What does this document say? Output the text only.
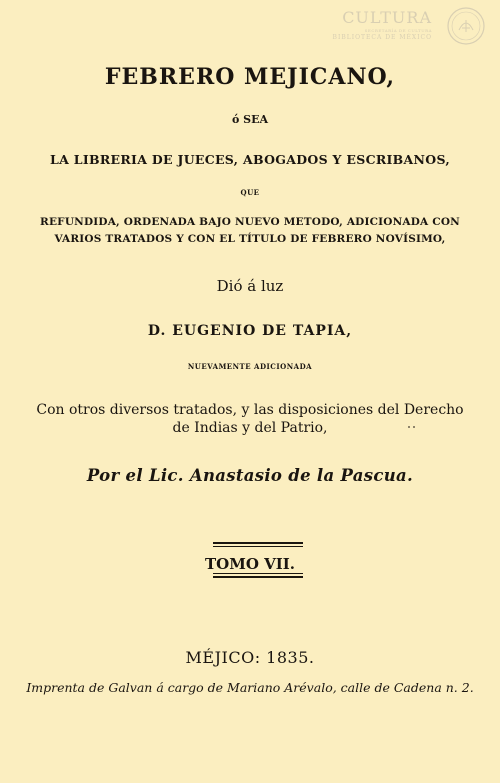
CULTURA
SECRETARÍA DE CULTURA
BIBLIOTECA DE MÉXICO
FEBRERO MEJICANO,
ó SEA
LA LIBRERIA DE JUECES, ABOGADOS Y ESCRIBANOS,
QUE
REFUNDIDA, ORDENADA BAJO NUEVO METODO, ADICIONADA CON
VARIOS TRATADOS Y CON EL TÍTULO DE FEBRERO NOVÍSIMO,
Dió á luz
D. EUGENIO DE TAPIA,
NUEVAMENTE ADICIONADA
Con otros diversos tratados, y las disposiciones del Derecho
de Indias y del Patrio,
Por el Lic. Anastasio de la Pascua.
TOMO VII.
MÉJICO: 1835.
Imprenta de Galvan á cargo de Mariano Arévalo, calle de Cadena n. 2.
